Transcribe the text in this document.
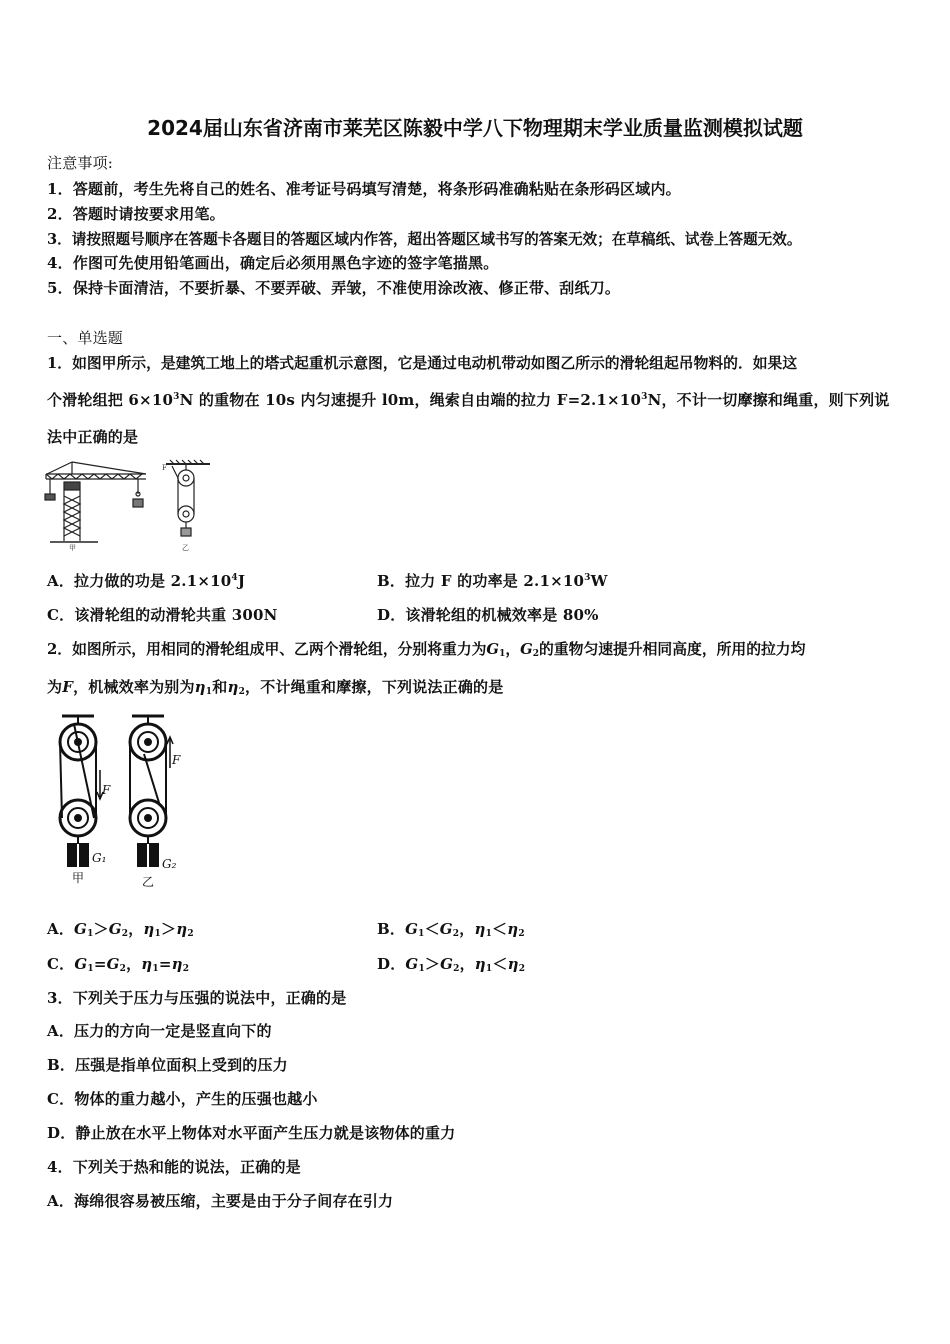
2024届山东省济南市莱芜区陈毅中学八下物理期末学业质量监测模拟试题
注意事项:
1．答题前，考生先将自己的姓名、准考证号码填写清楚，将条形码准确粘贴在条形码区域内。
2．答题时请按要求用笔。
3．请按照题号顺序在答题卡各题目的答题区域内作答，超出答题区域书写的答案无效；在草稿纸、试卷上答题无效。
4．作图可先使用铅笔画出，确定后必须用黑色字迹的签字笔描黑。
5．保持卡面清洁，不要折暴、不要弄破、弄皱，不准使用涂改液、修正带、刮纸刀。
一、单选题
1．如图甲所示，是建筑工地上的塔式起重机示意图，它是通过电动机带动如图乙所示的滑轮组起吊物料的．如果这
个滑轮组把 $6\times 10^3N$ 的重物在 10s 内匀速提升 l0m，绳索自由端的拉力 $F=2.1\times 10^3N$，不计一切摩擦和绳重，则下列说
法中正确的是
甲
F
乙
A．拉力做的功是 $2.1\times 10^4J$	B．拉力 F 的功率是 $2.1\times 10^3W$
C．该滑轮组的动滑轮共重 300N	D．该滑轮组的机械效率是 80%
2．如图所示，用相同的滑轮组成甲、乙两个滑轮组，分别将重力为$G_1$，$G_2$的重物匀速提升相同高度，所用的拉力均
为F，机械效率为别为$\eta_1$和$\eta_2$，不计绳重和摩擦，下列说法正确的是
F
F
G₁	G₂
甲	乙
A．$G_1>G_2$，$\eta_1>\eta_2$	B．$G_1<G_2$，$\eta_1<\eta_2$
C．$G_1=G_2$，$\eta_1=\eta_2$	D．$G_1>G_2$，$\eta_1<\eta_2$
3．下列关于压力与压强的说法中，正确的是
A．压力的方向一定是竖直向下的
B．压强是指单位面积上受到的压力
C．物体的重力越小，产生的压强也越小
D．静止放在水平上物体对水平面产生压力就是该物体的重力
4．下列关于热和能的说法，正确的是
A．海绵很容易被压缩，主要是由于分子间存在引力
